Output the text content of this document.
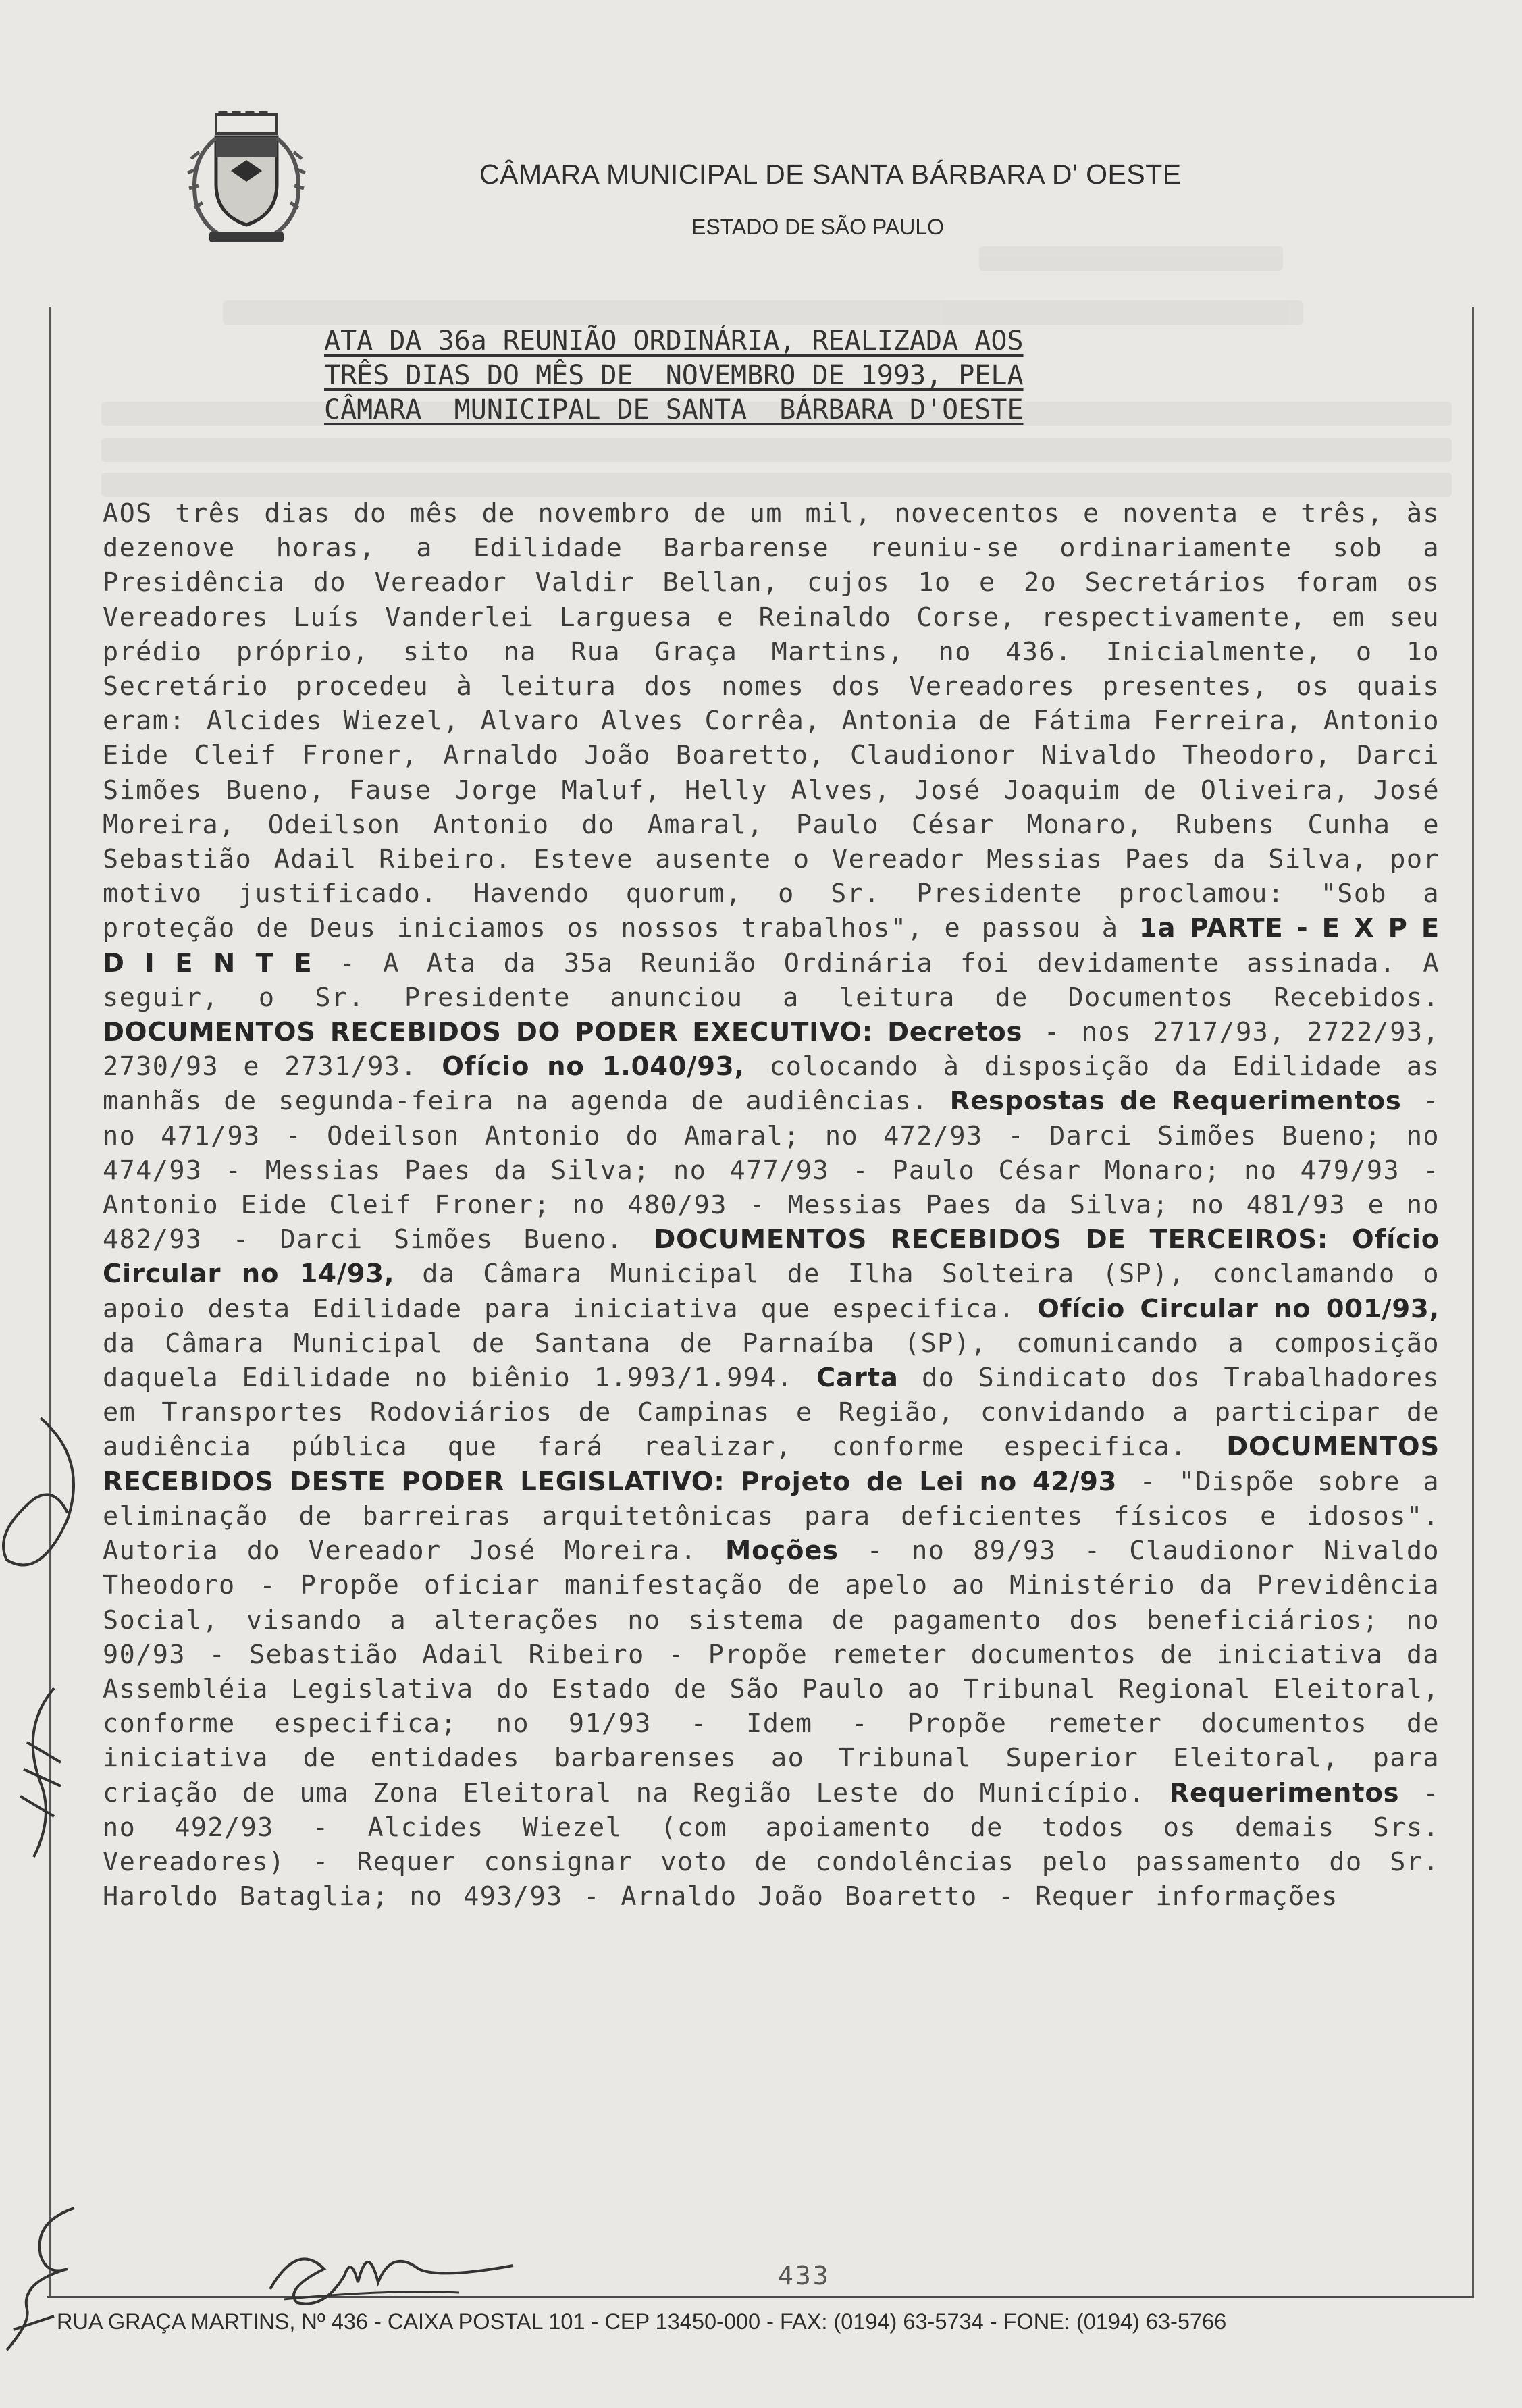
CÂMARA MUNICIPAL DE SANTA BÁRBARA D' OESTE
ESTADO DE SÃO PAULO
ATA DA 36a REUNIÃO ORDINÁRIA, REALIZADA AOS
TRÊS DIAS DO MÊS DE  NOVEMBRO DE 1993, PELA
CÂMARA  MUNICIPAL DE SANTA  BÁRBARA D'OESTE
AOS três dias do mês de novembro de um mil, novecentos e noventa e três, às dezenove horas, a Edilidade Barbarense reuniu-se ordinariamente sob a Presidência do Vereador Valdir Bellan, cujos 1o e 2o Secretários foram os Vereadores Luís Vanderlei Larguesa e Reinaldo Corse, respectivamente, em seu prédio próprio, sito na Rua Graça Martins, no 436. Inicialmente, o 1o Secretário procedeu à leitura dos nomes dos Vereadores presentes, os quais eram: Alcides Wiezel, Alvaro Alves Corrêa, Antonia de Fátima Ferreira, Antonio Eide Cleif Froner, Arnaldo João Boaretto, Claudionor Nivaldo Theodoro, Darci Simões Bueno, Fause Jorge Maluf, Helly Alves, José Joaquim de Oliveira, José Moreira, Odeilson Antonio do Amaral, Paulo César Monaro, Rubens Cunha e Sebastião Adail Ribeiro. Esteve ausente o Vereador Messias Paes da Silva, por motivo justificado. Havendo quorum, o Sr. Presidente proclamou: "Sob a proteção de Deus iniciamos os nossos trabalhos", e passou à 1a PARTE - E X P E D I E N T E - A Ata da 35a Reunião Ordinária foi devidamente assinada. A seguir, o Sr. Presidente anunciou a leitura de Documentos Recebidos. DOCUMENTOS RECEBIDOS DO PODER EXECUTIVO: Decretos - nos 2717/93, 2722/93, 2730/93 e 2731/93. Ofício no 1.040/93, colocando à disposição da Edilidade as manhãs de segunda-feira na agenda de audiências. Respostas de Requerimentos - no 471/93 - Odeilson Antonio do Amaral; no 472/93 - Darci Simões Bueno; no 474/93 - Messias Paes da Silva; no 477/93 - Paulo César Monaro; no 479/93 - Antonio Eide Cleif Froner; no 480/93 - Messias Paes da Silva; no 481/93 e no 482/93 - Darci Simões Bueno. DOCUMENTOS RECEBIDOS DE TERCEIROS: Ofício Circular no 14/93, da Câmara Municipal de Ilha Solteira (SP), conclamando o apoio desta Edilidade para iniciativa que especifica. Ofício Circular no 001/93, da Câmara Municipal de Santana de Parnaíba (SP), comunicando a composição daquela Edilidade no biênio 1.993/1.994. Carta do Sindicato dos Trabalhadores em Transportes Rodoviários de Campinas e Região, convidando a participar de audiência pública que fará realizar, conforme especifica. DOCUMENTOS RECEBIDOS DESTE PODER LEGISLATIVO: Projeto de Lei no 42/93 - "Dispõe sobre a eliminação de barreiras arquitetônicas para deficientes físicos e idosos". Autoria do Vereador José Moreira. Moções - no 89/93 - Claudionor Nivaldo Theodoro - Propõe oficiar manifestação de apelo ao Ministério da Previdência Social, visando a alterações no sistema de pagamento dos beneficiários; no 90/93 - Sebastião Adail Ribeiro - Propõe remeter documentos de iniciativa da Assembléia Legislativa do Estado de São Paulo ao Tribunal Regional Eleitoral, conforme especifica; no 91/93 - Idem - Propõe remeter documentos de iniciativa de entidades barbarenses ao Tribunal Superior Eleitoral, para criação de uma Zona Eleitoral na Região Leste do Município. Requerimentos - no 492/93 - Alcides Wiezel (com apoiamento de todos os demais Srs. Vereadores) - Requer consignar voto de condolências pelo passamento do Sr. Haroldo Bataglia; no 493/93 - Arnaldo João Boaretto - Requer informações
433
RUA GRAÇA MARTINS, Nº 436 - CAIXA POSTAL 101 - CEP 13450-000 - FAX: (0194) 63-5734 - FONE: (0194) 63-5766
